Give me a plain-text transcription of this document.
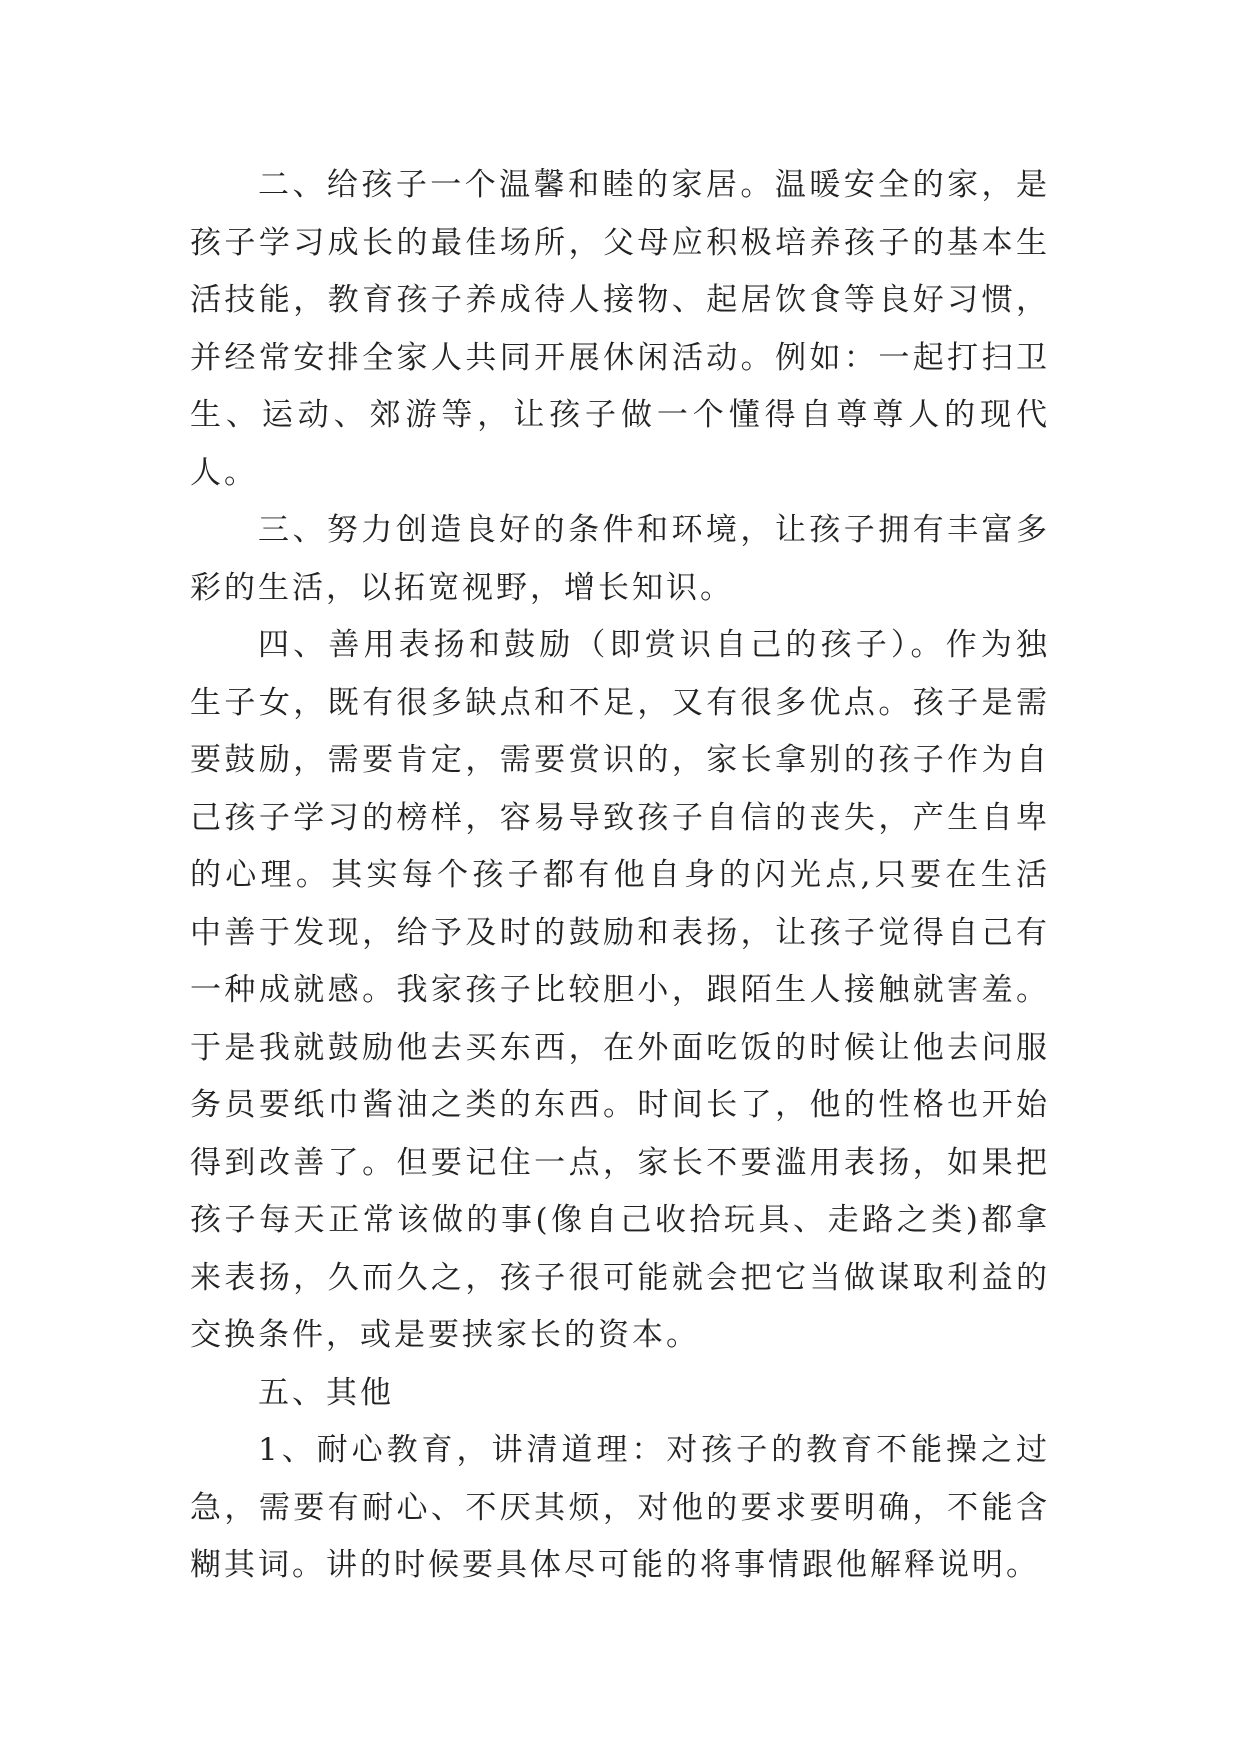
二、给孩子一个温馨和睦的家居。温暖安全的家，是孩子学习成长的最佳场所，父母应积极培养孩子的基本生活技能，教育孩子养成待人接物、起居饮食等良好习惯，并经常安排全家人共同开展休闲活动。例如：一起打扫卫生、运动、郊游等，让孩子做一个懂得自尊尊人的现代人。

三、努力创造良好的条件和环境，让孩子拥有丰富多彩的生活，以拓宽视野，增长知识。

四、善用表扬和鼓励（即赏识自己的孩子）。作为独生子女，既有很多缺点和不足，又有很多优点。孩子是需要鼓励，需要肯定，需要赏识的，家长拿别的孩子作为自己孩子学习的榜样，容易导致孩子自信的丧失，产生自卑的心理。其实每个孩子都有他自身的闪光点,只要在生活中善于发现，给予及时的鼓励和表扬，让孩子觉得自己有一种成就感。我家孩子比较胆小，跟陌生人接触就害羞。于是我就鼓励他去买东西，在外面吃饭的时候让他去问服务员要纸巾酱油之类的东西。时间长了，他的性格也开始得到改善了。但要记住一点，家长不要滥用表扬，如果把孩子每天正常该做的事(像自己收拾玩具、走路之类)都拿来表扬，久而久之，孩子很可能就会把它当做谋取利益的交换条件，或是要挟家长的资本。

五、其他

1、耐心教育，讲清道理：对孩子的教育不能操之过急，需要有耐心、不厌其烦，对他的要求要明确，不能含糊其词。讲的时候要具体尽可能的将事情跟他解释说明。
